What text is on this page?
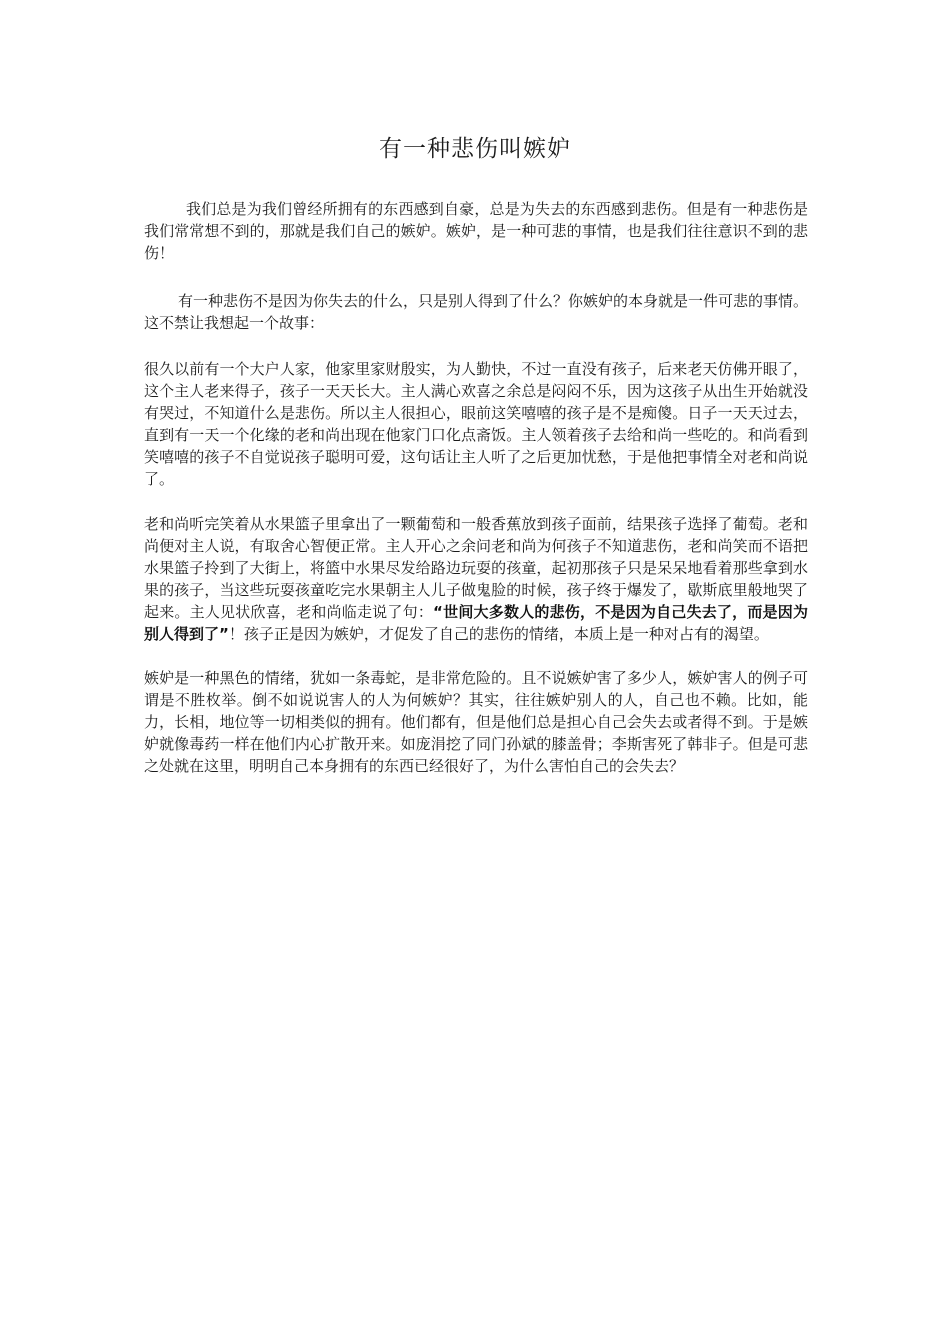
有一种悲伤叫嫉妒

我们总是为我们曾经所拥有的东西感到自豪，总是为失去的东西感到悲伤。但是有一种悲伤是我们常常想不到的，那就是我们自己的嫉妒。嫉妒，是一种可悲的事情，也是我们往往意识不到的悲伤！

有一种悲伤不是因为你失去的什么，只是别人得到了什么？你嫉妒的本身就是一件可悲的事情。这不禁让我想起一个故事：

很久以前有一个大户人家，他家里家财殷实，为人勤快，不过一直没有孩子，后来老天仿佛开眼了，这个主人老来得子，孩子一天天长大。主人满心欢喜之余总是闷闷不乐，因为这孩子从出生开始就没有哭过，不知道什么是悲伤。所以主人很担心，眼前这笑嘻嘻的孩子是不是痴傻。日子一天天过去，直到有一天一个化缘的老和尚出现在他家门口化点斋饭。主人领着孩子去给和尚一些吃的。和尚看到笑嘻嘻的孩子不自觉说孩子聪明可爱，这句话让主人听了之后更加忧愁，于是他把事情全对老和尚说了。

老和尚听完笑着从水果篮子里拿出了一颗葡萄和一般香蕉放到孩子面前，结果孩子选择了葡萄。老和尚便对主人说，有取舍心智便正常。主人开心之余问老和尚为何孩子不知道悲伤，老和尚笑而不语把水果篮子拎到了大街上，将篮中水果尽发给路边玩耍的孩童，起初那孩子只是呆呆地看着那些拿到水果的孩子，当这些玩耍孩童吃完水果朝主人儿子做鬼脸的时候，孩子终于爆发了，歇斯底里般地哭了起来。主人见状欣喜，老和尚临走说了句：“世间大多数人的悲伤，不是因为自己失去了，而是因为别人得到了”！孩子正是因为嫉妒，才促发了自己的悲伤的情绪，本质上是一种对占有的渴望。

嫉妒是一种黑色的情绪，犹如一条毒蛇，是非常危险的。且不说嫉妒害了多少人，嫉妒害人的例子可谓是不胜枚举。倒不如说说害人的人为何嫉妒？其实，往往嫉妒别人的人，自己也不赖。比如，能力，长相，地位等一切相类似的拥有。他们都有，但是他们总是担心自己会失去或者得不到。于是嫉妒就像毒药一样在他们内心扩散开来。如庞涓挖了同门孙斌的膝盖骨；李斯害死了韩非子。但是可悲之处就在这里，明明自己本身拥有的东西已经很好了，为什么害怕自己的会失去？
